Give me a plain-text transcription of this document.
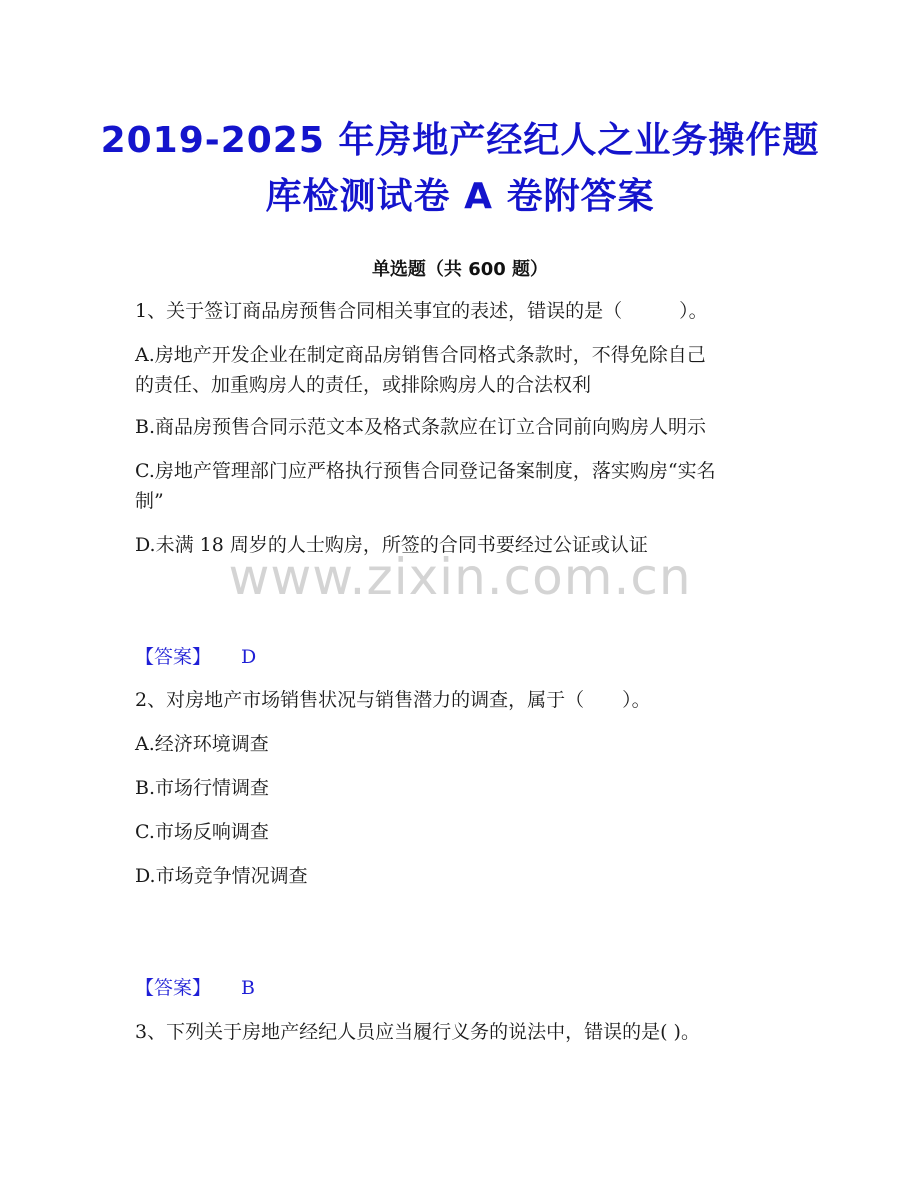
2019-2025 年房地产经纪人之业务操作题
库检测试卷 A 卷附答案
单选题（共 600 题）
1、关于签订商品房预售合同相关事宜的表述，错误的是（　　　）。
A.房地产开发企业在制定商品房销售合同格式条款时，不得免除自己
的责任、加重购房人的责任，或排除购房人的合法权利
B.商品房预售合同示范文本及格式条款应在订立合同前向购房人明示
C.房地产管理部门应严格执行预售合同登记备案制度，落实购房“实名
制”
D.未满 18 周岁的人士购房，所签的合同书要经过公证或认证
www.zixin.com.cn
【答案】 D
2、对房地产市场销售状况与销售潜力的调查，属于（　　）。
A.经济环境调查
B.市场行情调查
C.市场反响调查
D.市场竞争情况调查
【答案】 B
3、下列关于房地产经纪人员应当履行义务的说法中，错误的是( )。
